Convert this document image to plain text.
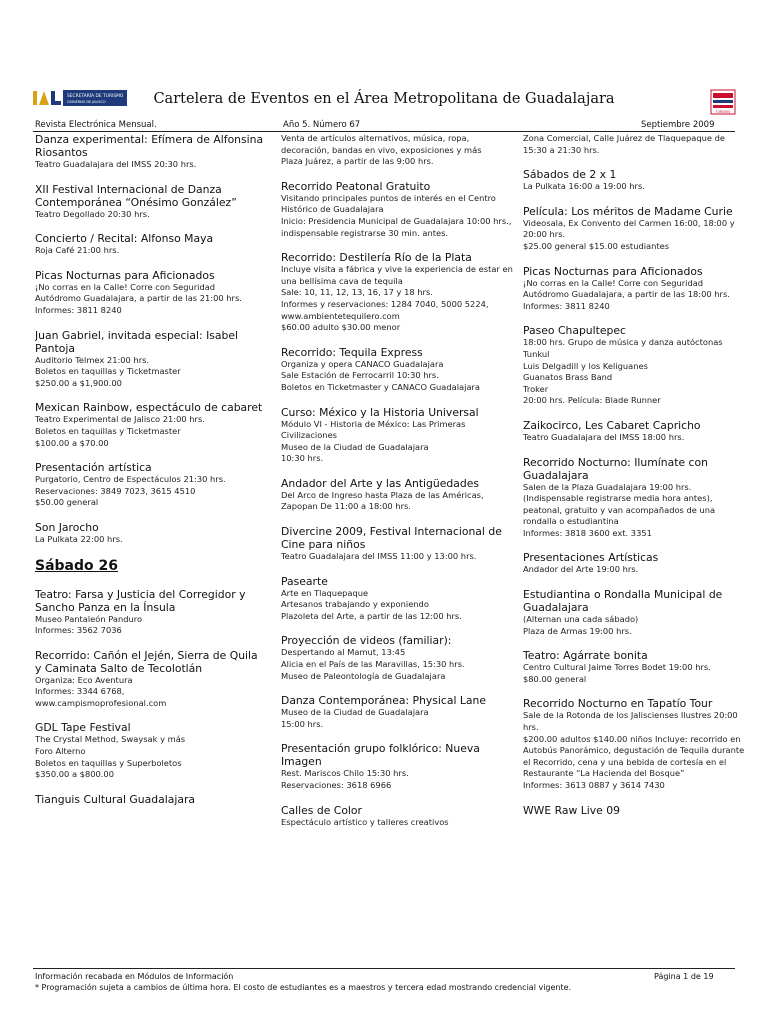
SECRETARÍA DE TURISMO
GOBIERNO DE JALISCO
TURISMO
Cartelera de Eventos en el Área Metropolitana de Guadalajara
Revista Electrónica Mensual.	Año 5. Número 67	Septiembre 2009
Danza experimental: Efímera de Alfonsina Riosantos
Teatro Guadalajara del IMSS 20:30 hrs.
XII Festival Internacional de Danza Contemporánea “Onésimo González”
Teatro Degollado 20:30 hrs.
Concierto / Recital: Alfonso Maya
Roja Café 21:00 hrs.
Picas Nocturnas para Aficionados
¡No corras en la Calle! Corre con Seguridad
Autódromo Guadalajara, a partir de las 21:00 hrs.
Informes: 3811 8240
Juan Gabriel, invitada especial: Isabel Pantoja
Auditorio Telmex 21:00 hrs.
Boletos en taquillas y Ticketmaster
$250.00 a $1,900.00
Mexican Rainbow, espectáculo de cabaret
Teatro Experimental de Jalisco 21:00 hrs.
Boletos en taquillas y Ticketmaster
$100.00 a $70.00
Presentación artística
Purgatorio, Centro de Espectáculos 21:30 hrs.
Reservaciones: 3849 7023, 3615 4510
$50.00 general
Son Jarocho
La Pulkata 22:00 hrs.
Sábado 26
Teatro: Farsa y Justicia del Corregidor y Sancho Panza en la Ínsula
Museo Pantaleón Panduro
Informes: 3562 7036
Recorrido: Cañón el Jején, Sierra de Quila y Caminata Salto de Tecolotlán
Organiza: Eco Aventura
Informes: 3344 6768,
www.campismoprofesional.com
GDL Tape Festival
The Crystal Method, Swaysak y más
Foro Alterno
Boletos en taquillas y Superboletos
$350.00 a $800.00
Tianguis Cultural Guadalajara
Venta de artículos alternativos, música, ropa, decoración, bandas en vivo, exposiciones y más
Plaza Juárez, a partir de las 9:00 hrs.
Recorrido Peatonal Gratuito
Visitando principales puntos de interés en el Centro Histórico de Guadalajara
Inicio: Presidencia Municipal de Guadalajara 10:00 hrs., indispensable registrarse 30 min. antes.
Recorrido: Destilería Río de la Plata
Incluye visita a fábrica y vive la experiencia de estar en una bellísima cava de tequila
Sale: 10, 11, 12, 13, 16, 17 y 18 hrs.
Informes y reservaciones: 1284 7040, 5000 5224, www.ambientetequilero.com
$60.00 adulto $30.00 menor
Recorrido: Tequila Express
Organiza y opera CANACO Guadalajara
Sale Estación de Ferrocarril 10:30 hrs.
Boletos en Ticketmaster y CANACO Guadalajara
Curso: México y la Historia Universal
Módulo VI - Historia de México: Las Primeras Civilizaciones
Museo de la Ciudad de Guadalajara
10:30 hrs.
Andador del Arte y las Antigüedades
Del Arco de Ingreso hasta Plaza de las Américas, Zapopan De 11:00 a 18:00 hrs.
Divercine 2009, Festival Internacional de Cine para niños
Teatro Guadalajara del IMSS 11:00 y 13:00 hrs.
Pasearte
Arte en Tlaquepaque
Artesanos trabajando y exponiendo
Plazoleta del Arte, a partir de las 12:00 hrs.
Proyección de videos (familiar):
Despertando al Mamut, 13:45
Alicia en el País de las Maravillas, 15:30 hrs.
Museo de Paleontología de Guadalajara
Danza Contemporánea: Physical Lane
Museo de la Ciudad de Guadalajara
15:00 hrs.
Presentación grupo folklórico: Nueva Imagen
Rest. Mariscos Chilo 15:30 hrs.
Reservaciones: 3618 6966
Calles de Color
Espectáculo artístico y talleres creativos
Zona Comercial, Calle Juárez de Tlaquepaque de 15:30 a 21:30 hrs.
Sábados de 2 x 1
La Pulkata 16:00 a 19:00 hrs.
Película: Los méritos de Madame Curie
Videosala, Ex Convento del Carmen 16:00, 18:00 y 20:00 hrs.
$25.00 general $15.00 estudiantes
Picas Nocturnas para Aficionados
¡No corras en la Calle! Corre con Seguridad
Autódromo Guadalajara, a partir de las 18:00 hrs.
Informes: 3811 8240
Paseo Chapultepec
18:00 hrs. Grupo de música y danza autóctonas Tunkul
Luis Delgadill y los Keliguanes
Guanatos Brass Band
Troker
20:00 hrs. Película: Blade Runner
Zaikocirco, Les Cabaret Capricho
Teatro Guadalajara del IMSS 18:00 hrs.
Recorrido Nocturno: Ilumínate con Guadalajara
Salen de la Plaza Guadalajara 19:00 hrs. (Indispensable registrarse media hora antes), peatonal, gratuito y van acompañados de una rondalla o estudiantina
Informes: 3818 3600 ext. 3351
Presentaciones Artísticas
Andador del Arte 19:00 hrs.
Estudiantina o Rondalla Municipal de Guadalajara
(Alternan una cada sábado)
Plaza de Armas 19:00 hrs.
Teatro: Agárrate bonita
Centro Cultural Jaime Torres Bodet 19:00 hrs.
$80.00 general
Recorrido Nocturno en Tapatío Tour
Sale de la Rotonda de los Jaliscienses Ilustres 20:00 hrs.
$200.00 adultos $140.00 niños Incluye: recorrido en Autobús Panorámico, degustación de Tequila durante el Recorrido, cena y una bebida de cortesía en el Restaurante “La Hacienda del Bosque”
Informes: 3613 0887 y 3614 7430
WWE Raw Live 09
Información recabada en Módulos de Información
* Programación sujeta a cambios de última hora. El costo de estudiantes es a maestros y tercera edad mostrando credencial vigente.
Página 1 de 19
